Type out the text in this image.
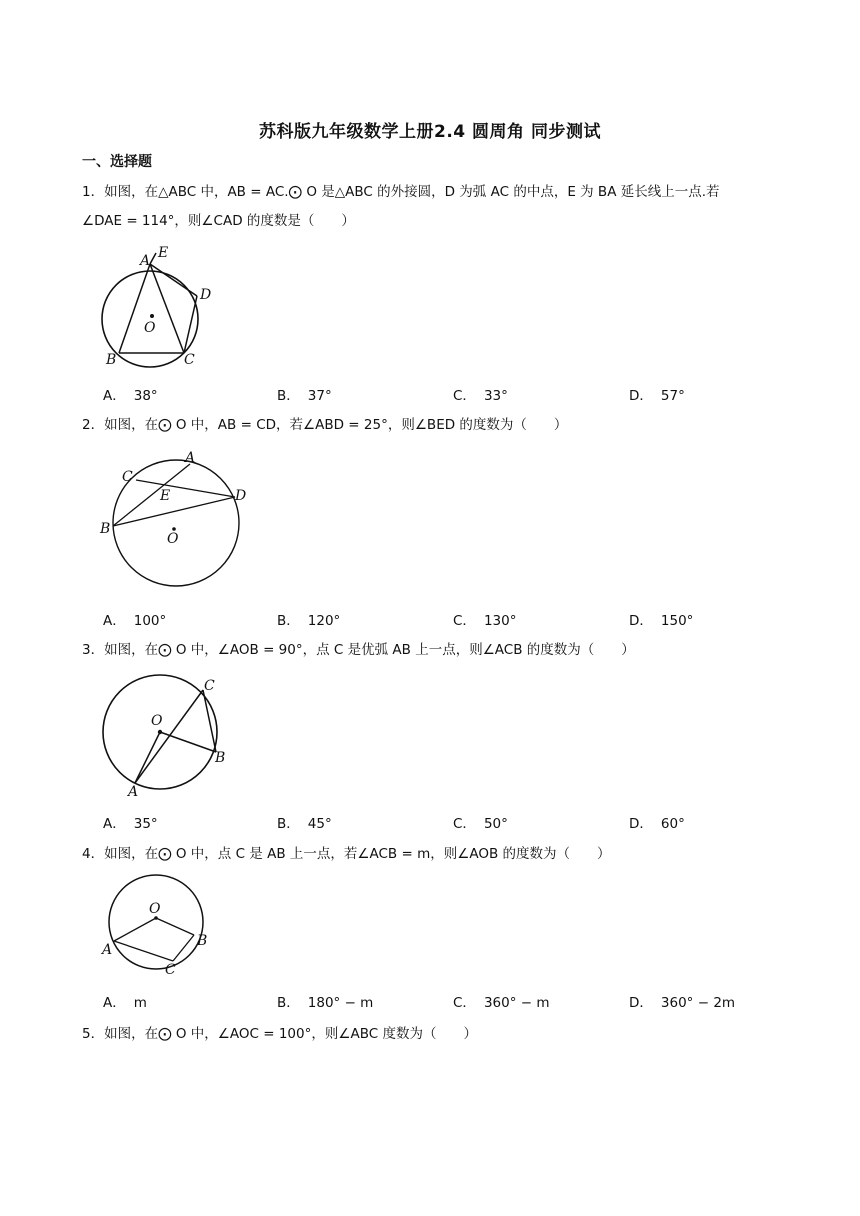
苏科版九年级数学上册2.4 圆周角 同步测试
一、选择题
1．如图，在△ABC 中，AB = AC.⨀ O 是△ABC 的外接圆，D 为弧 AC 的中点，E 为 BA 延长线上一点.若
∠DAE = 114°，则∠CAD 的度数是（　　）
A E
D
O
B	C
A． 38°	B． 37°	C． 33°	D． 57°
2．如图，在⨀ O 中，AB = CD，若∠ABD = 25°，则∠BED 的度数为（　　）
A
C
E	D
B
O
A． 100°	B． 120°	C． 130°	D． 150°
3．如图，在⨀ O 中，∠AOB = 90°，点 C 是优弧 AB 上一点，则∠ACB 的度数为（　　）
C
O
B
A
A． 35°	B． 45°	C． 50°	D． 60°
4．如图，在⨀ O 中，点 C 是 AB 上一点，若∠ACB = m，则∠AOB 的度数为（　　）
O
A
B
C
A． m	B． 180° − m	C． 360° − m	D． 360° − 2m
5．如图，在⨀ O 中，∠AOC = 100°，则∠ABC 度数为（　　）
